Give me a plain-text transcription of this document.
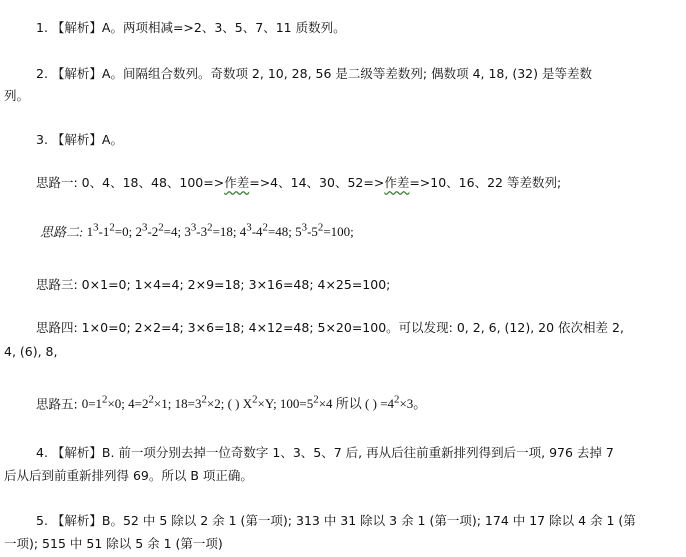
1. 【解析】A。两项相减=>2、3、5、7、11 质数列。
2. 【解析】A。间隔组合数列。奇数项 2, 10, 28, 56 是二级等差数列; 偶数项 4, 18, (32) 是等差数
列。
3. 【解析】A。
思路一: 0、4、18、48、100=>作差=>4、14、30、52=>作差=>10、16、22 等差数列;
思路二: $1^3-1^2=0$; $2^3-2^2=4$; $3^3-3^2=18$; $4^3-4^2=48$; $5^3-5^2=100$;
思路三: 0×1=0; 1×4=4; 2×9=18; 3×16=48; 4×25=100;
思路四: 1×0=0; 2×2=4; 3×6=18; 4×12=48; 5×20=100。可以发现: 0, 2, 6, (12), 20 依次相差 2,
4, (6), 8,
思路五: $0=1^2\times 0$; $4=2^2\times 1$; $18=3^2\times 2$; ( ) $X^2\times Y$; $100=5^2\times 4$ 所以 ( ) $=4^2\times 3$。
4. 【解析】B. 前一项分别去掉一位奇数字 1、3、5、7 后, 再从后往前重新排列得到后一项, 976 去掉 7
后从后到前重新排列得 69。所以 B 项正确。
5. 【解析】B。52 中 5 除以 2 余 1 (第一项); 313 中 31 除以 3 余 1 (第一项); 174 中 17 除以 4 余 1 (第
一项); 515 中 51 除以 5 余 1 (第一项)
